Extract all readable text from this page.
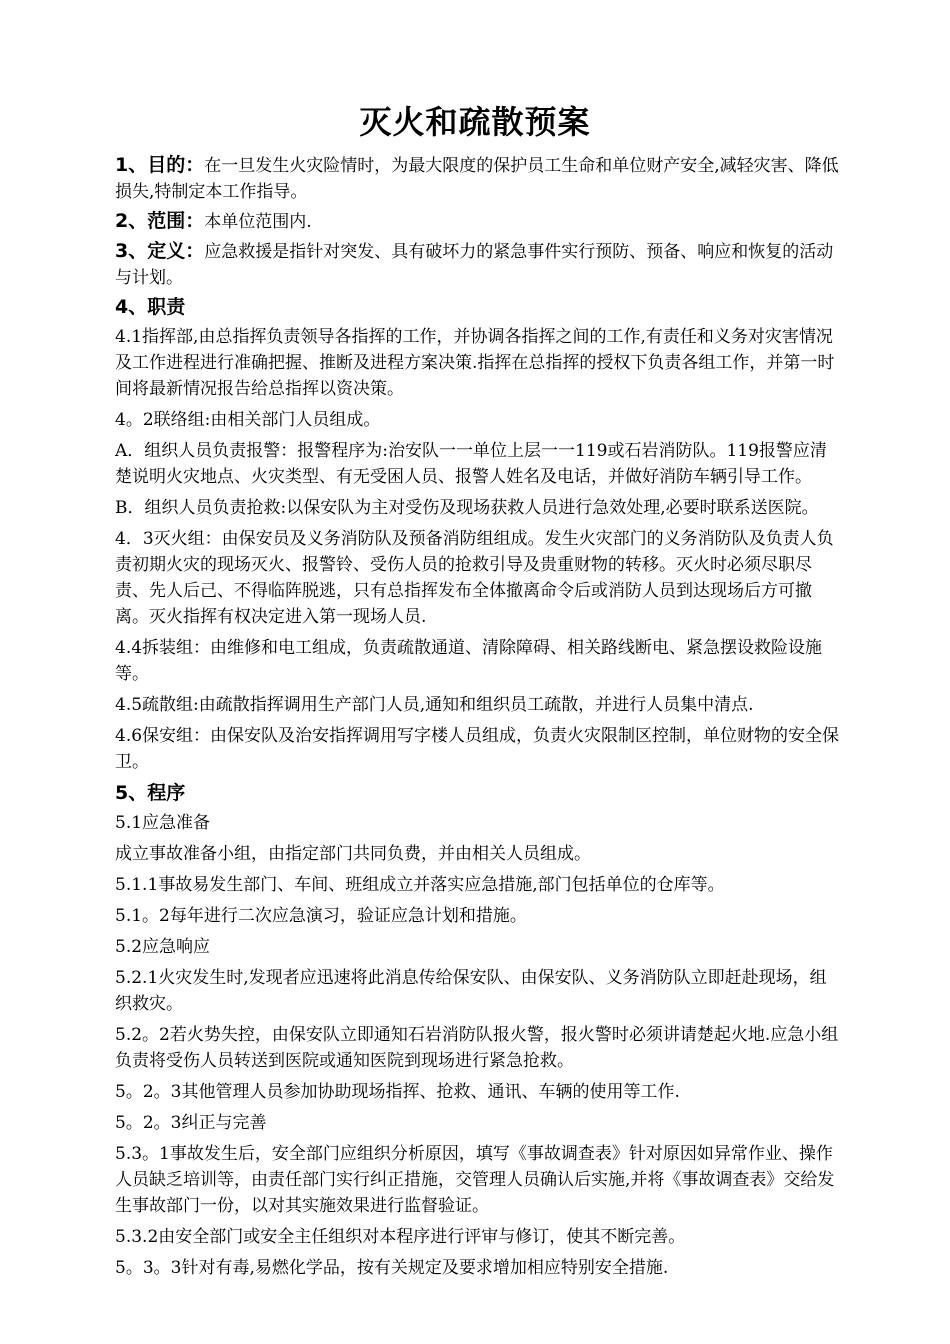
灭火和疏散预案
1、目的：在一旦发生火灾险情时，为最大限度的保护员工生命和单位财产安全,减轻灾害、降低损失,特制定本工作指导。
2、范围：本单位范围内.
3、定义：应急救援是指针对突发、具有破坏力的紧急事件实行预防、预备、响应和恢复的活动与计划。
4、职责

4.1指挥部,由总指挥负责领导各指挥的工作，并协调各指挥之间的工作,有责任和义务对灾害情况及工作进程进行准确把握、推断及进程方案决策.指挥在总指挥的授权下负责各组工作，并第一时间将最新情况报告给总指挥以资决策。

4。2联络组:由相关部门人员组成。

A．组织人员负责报警：报警程序为:治安队一一单位上层一一119或石岩消防队。119报警应清楚说明火灾地点、火灾类型、有无受困人员、报警人姓名及电话，并做好消防车辆引导工作。

B．组织人员负责抢救:以保安队为主对受伤及现场获救人员进行急效处理,必要时联系送医院。

4．3灭火组：由保安员及义务消防队及预备消防组组成。发生火灾部门的义务消防队及负责人负责初期火灾的现场灭火、报警铃、受伤人员的抢救引导及贵重财物的转移。灭火时必须尽职尽责、先人后己、不得临阵脱逃，只有总指挥发布全体撤离命令后或消防人员到达现场后方可撤离。灭火指挥有权决定进入第一现场人员.

4.4拆装组：由维修和电工组成，负责疏散通道、清除障碍、相关路线断电、紧急摆设救险设施等。

4.5疏散组:由疏散指挥调用生产部门人员,通知和组织员工疏散，并进行人员集中清点.

4.6保安组：由保安队及治安指挥调用写字楼人员组成，负责火灾限制区控制，单位财物的安全保卫。

5、程序

5.1应急准备

成立事故准备小组，由指定部门共同负费，并由相关人员组成。

5.1.1事故易发生部门、车间、班组成立并落实应急措施,部门包括单位的仓库等。

5.1。2每年进行二次应急演习，验证应急计划和措施。

5.2应急响应

5.2.1火灾发生时,发现者应迅速将此消息传给保安队、由保安队、义务消防队立即赶赴现场，组织救灾。

5.2。2若火势失控，由保安队立即通知石岩消防队报火警，报火警时必须讲请楚起火地.应急小组负责将受伤人员转送到医院或通知医院到现场进行紧急抢救。

5。2。3其他管理人员参加协助现场指挥、抢救、通讯、车辆的使用等工作.

5。2。3纠正与完善

5.3。1事故发生后，安全部门应组织分析原因，填写《事故调查表》针对原因如异常作业、操作人员缺乏培训等，由责任部门实行纠正措施，交管理人员确认后实施,并将《事故调查表》交给发生事故部门一份，以对其实施效果进行监督验证。

5.3.2由安全部门或安全主任组织对本程序进行评审与修订，使其不断完善。

5。3。3针对有毒,易燃化学品，按有关规定及要求增加相应特别安全措施.
